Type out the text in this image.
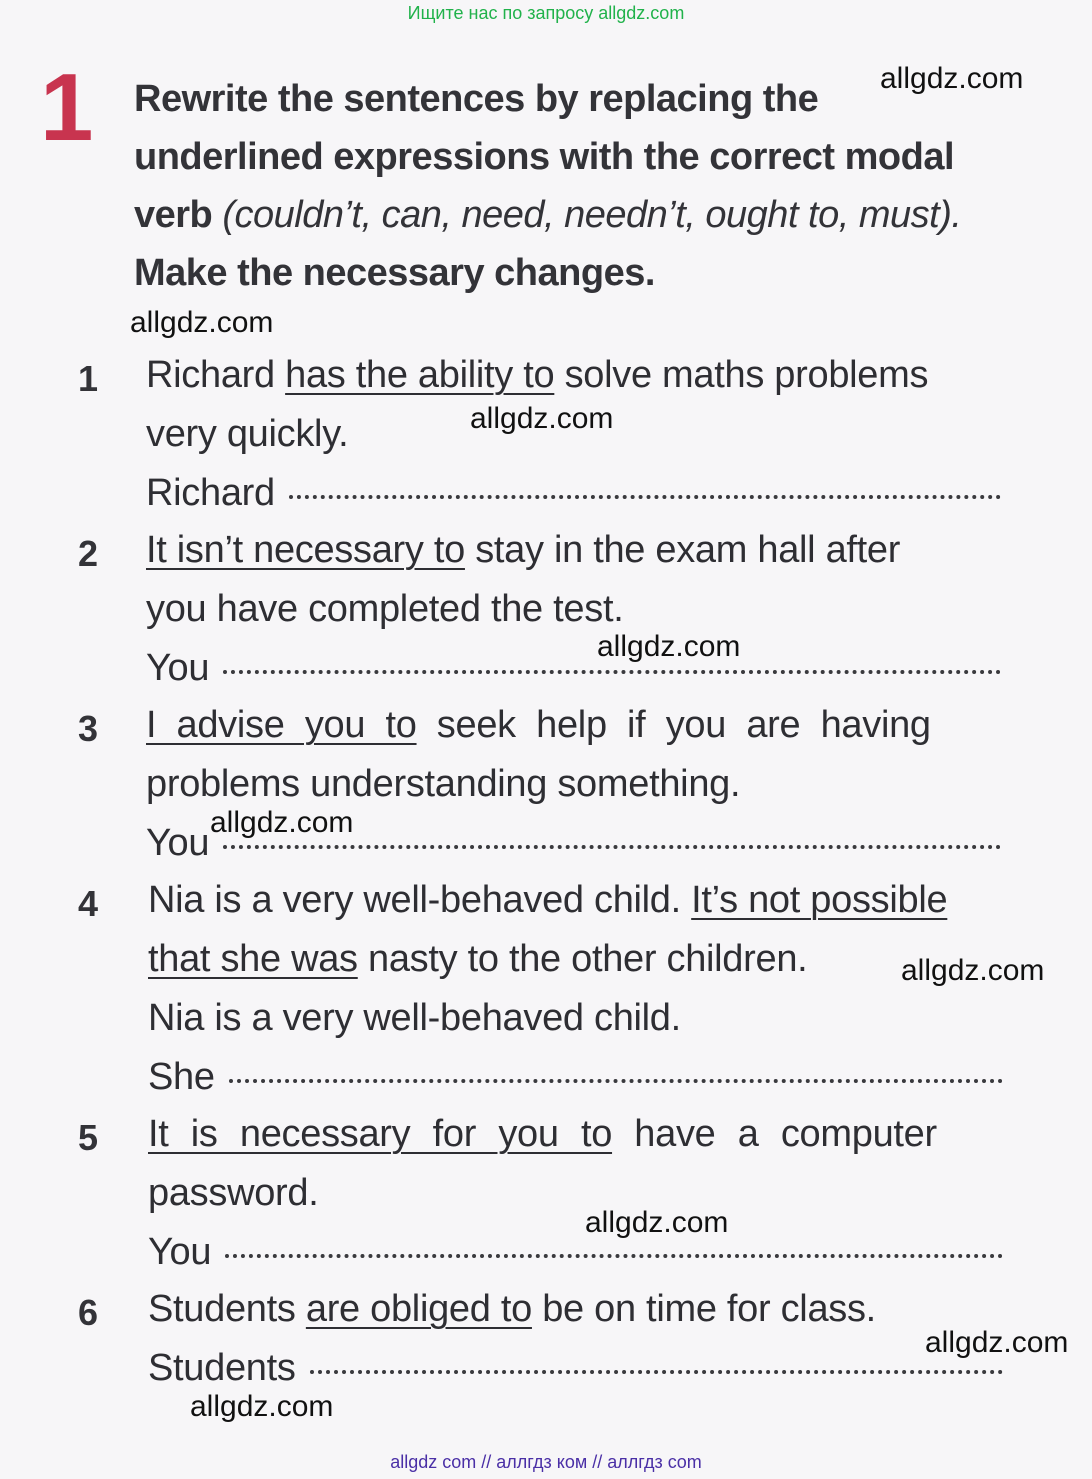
Ищите нас по запросу allgdz.com
1 Rewrite the sentences by replacing the
underlined expressions with the correct modal
verb (couldn’t, can, need, needn’t, ought to, must).
Make the necessary changes.
1 Richard has the ability to solve maths problems
very quickly.
Richard
2 It isn’t necessary to stay in the exam hall after
you have completed the test.
You
3 I advise you to seek help if you are having
problems understanding something.
You
4 Nia is a very well-behaved child. It’s not possible
that she was nasty to the other children.
Nia is a very well-behaved child.
She
5 It is necessary for you to have a computer
password.
You
6 Students are obliged to be on time for class.
Students
allgdz.com
allgdz.com
allgdz.com
allgdz.com
allgdz.com
allgdz.com
allgdz.com
allgdz.com
allgdz.com
allgdz com // аллгдз ком // аллгдз com
